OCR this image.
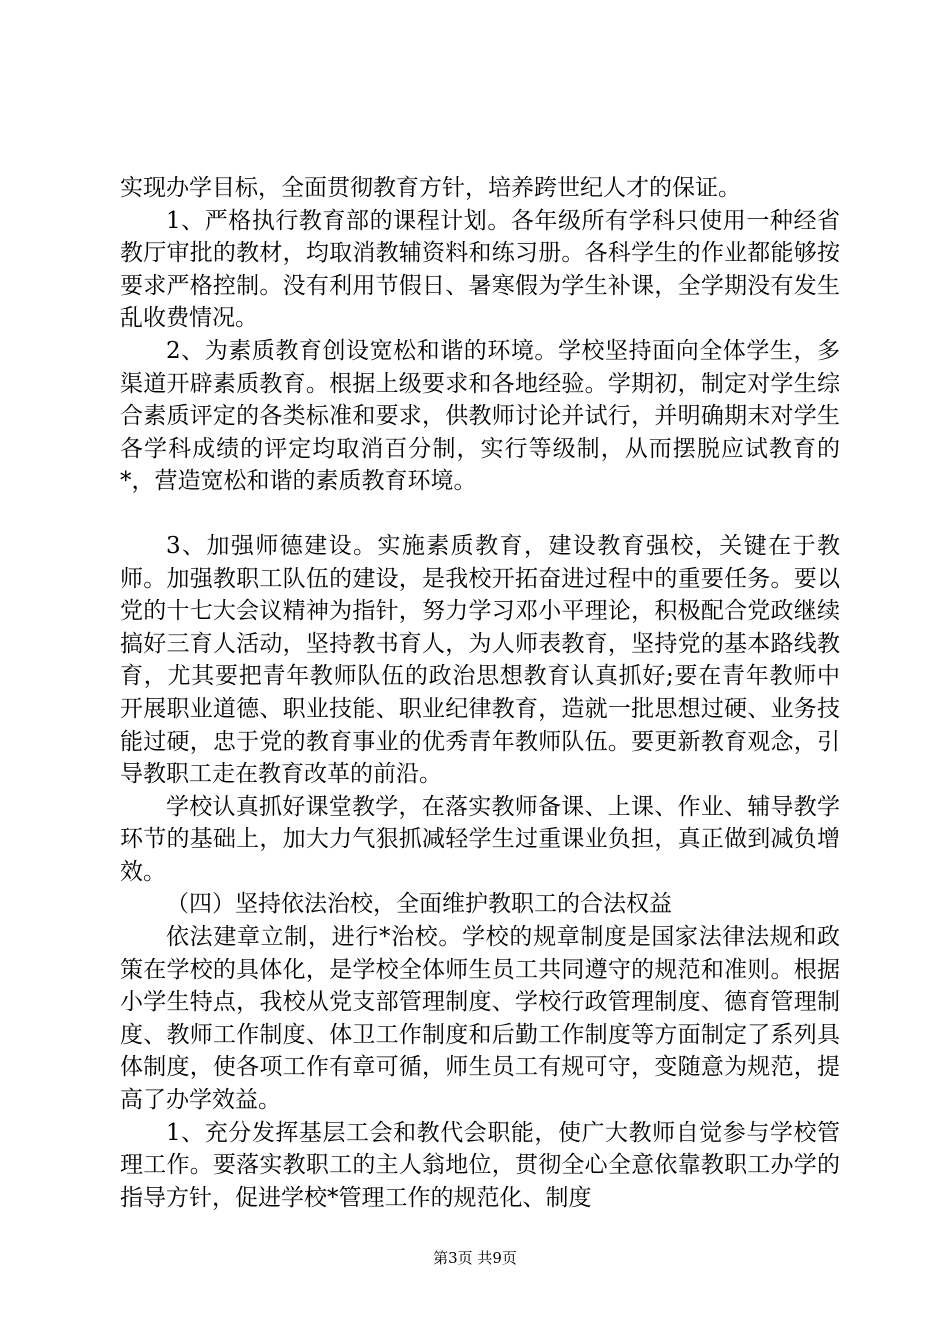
实现办学目标，全面贯彻教育方针，培养跨世纪人才的保证。

1、严格执行教育部的课程计划。各年级所有学科只使用一种经省教厅审批的教材，均取消教辅资料和练习册。各科学生的作业都能够按要求严格控制。没有利用节假日、暑寒假为学生补课，全学期没有发生乱收费情况。

2、为素质教育创设宽松和谐的环境。学校坚持面向全体学生，多渠道开辟素质教育。根据上级要求和各地经验。学期初，制定对学生综合素质评定的各类标准和要求，供教师讨论并试行，并明确期末对学生各学科成绩的评定均取消百分制，实行等级制，从而摆脱应试教育的*，营造宽松和谐的素质教育环境。

3、加强师德建设。实施素质教育，建设教育强校，关键在于教师。加强教职工队伍的建设，是我校开拓奋进过程中的重要任务。要以党的十七大会议精神为指针，努力学习邓小平理论，积极配合党政继续搞好三育人活动，坚持教书育人，为人师表教育，坚持党的基本路线教育，尤其要把青年教师队伍的政治思想教育认真抓好;要在青年教师中开展职业道德、职业技能、职业纪律教育，造就一批思想过硬、业务技能过硬，忠于党的教育事业的优秀青年教师队伍。要更新教育观念，引导教职工走在教育改革的前沿。

学校认真抓好课堂教学，在落实教师备课、上课、作业、辅导教学环节的基础上，加大力气狠抓减轻学生过重课业负担，真正做到减负增效。

（四）坚持依法治校，全面维护教职工的合法权益

依法建章立制，进行*治校。学校的规章制度是国家法律法规和政策在学校的具体化，是学校全体师生员工共同遵守的规范和准则。根据小学生特点，我校从党支部管理制度、学校行政管理制度、德育管理制度、教师工作制度、体卫工作制度和后勤工作制度等方面制定了系列具体制度，使各项工作有章可循，师生员工有规可守，变随意为规范，提高了办学效益。

1、充分发挥基层工会和教代会职能，使广大教师自觉参与学校管理工作。要落实教职工的主人翁地位，贯彻全心全意依靠教职工办学的指导方针，促进学校*管理工作的规范化、制度

第3页 共9页
